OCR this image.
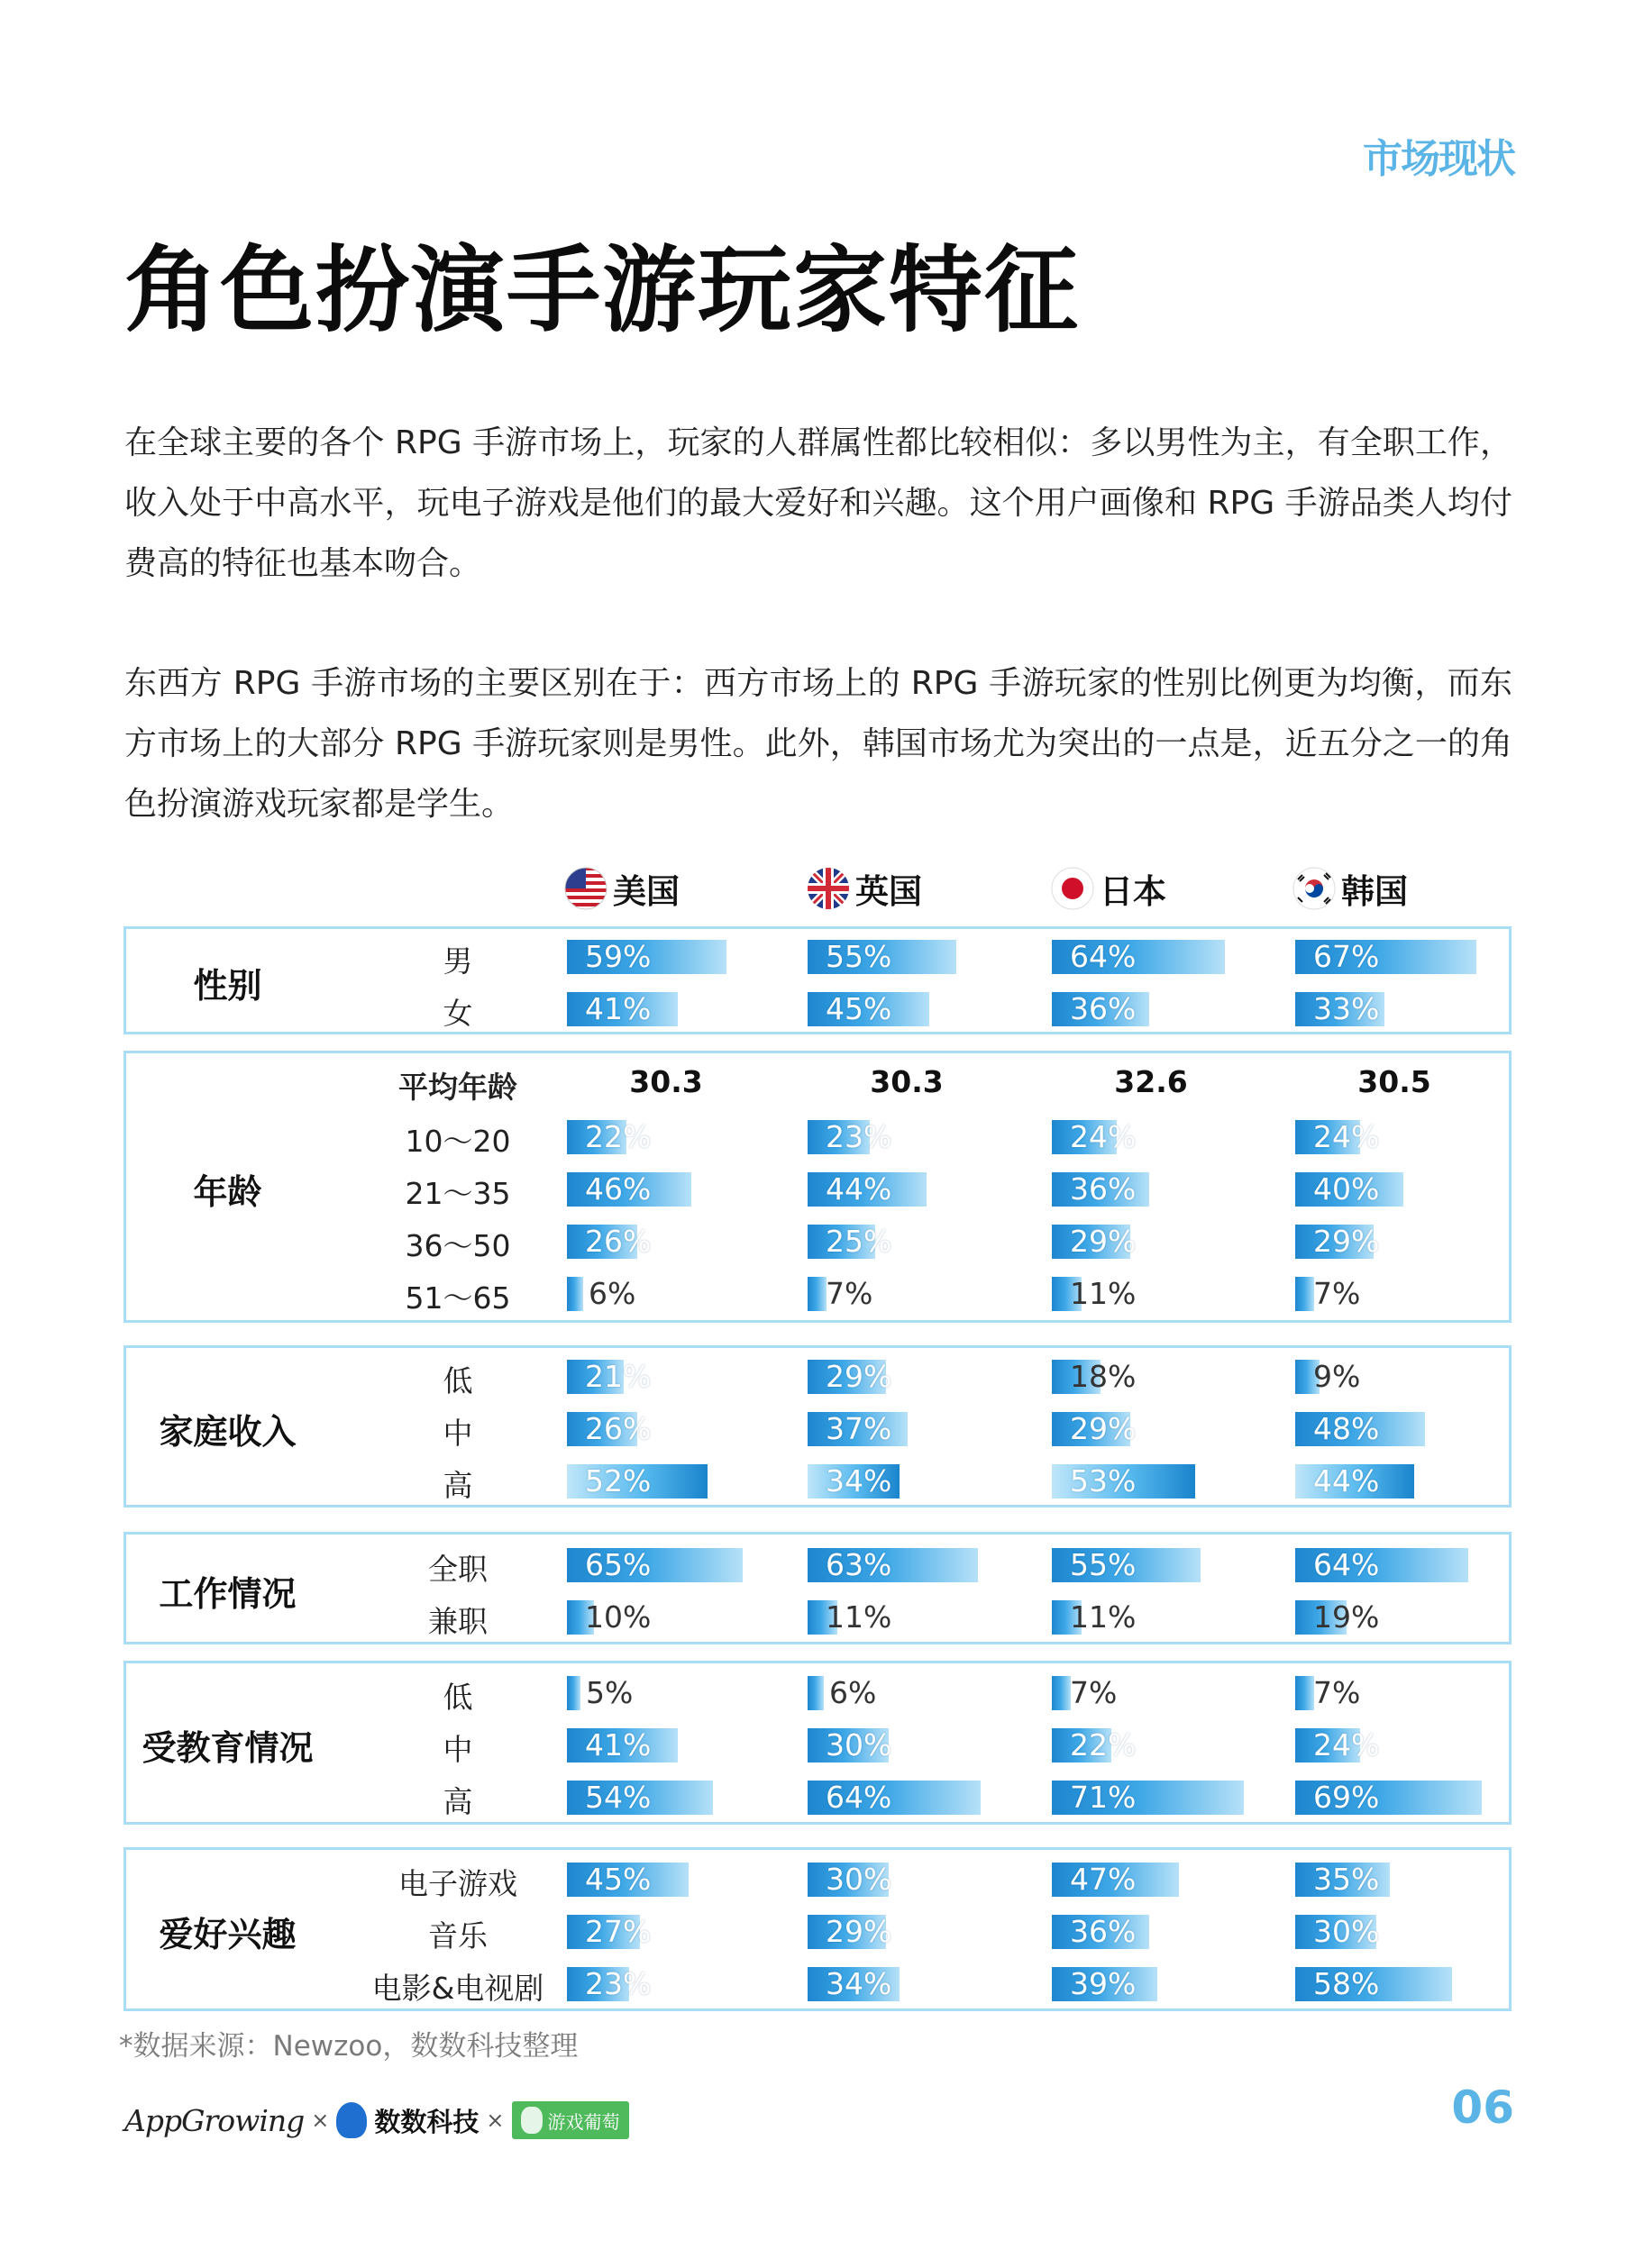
市场现状
角色扮演手游玩家特征
在全球主要的各个 RPG 手游市场上，玩家的人群属性都比较相似：多以男性为主，有全职工作，收入处于中高水平，玩电子游戏是他们的最大爱好和兴趣。这个用户画像和 RPG 手游品类人均付费高的特征也基本吻合。
东西方 RPG 手游市场的主要区别在于：西方市场上的 RPG 手游玩家的性别比例更为均衡，而东方市场上的大部分 RPG 手游玩家则是男性。此外，韩国市场尤为突出的一点是，近五分之一的角色扮演游戏玩家都是学生。
美国	英国	日本	韩国
性别
男	59%	55%	64%	67%
女	41%	45%	36%	33%
年龄
平均年龄	30.3	30.3	32.6	30.5
10～20	22%	23%	24%	24%
21～35	46%	44%	36%	40%
36～50	26%	25%	29%	29%
51～65	6%	7%	11%	7%
家庭收入
低	21%	29%	18%	9%
中	26%	37%	29%	48%
高	52%	34%	53%	44%
工作情况
全职	65%	63%	55%	64%
兼职	10%	11%	11%	19%
受教育情况
低	5%	6%	7%	7%
中	41%	30%	22%	24%
高	54%	64%	71%	69%
爱好兴趣
电子游戏	45%	30%	47%	35%
音乐	27%	29%	36%	30%
电影&电视剧	23%	34%	39%	58%
*数据来源：Newzoo，数数科技整理
AppGrowing × 数数科技 × 游戏葡萄	06
